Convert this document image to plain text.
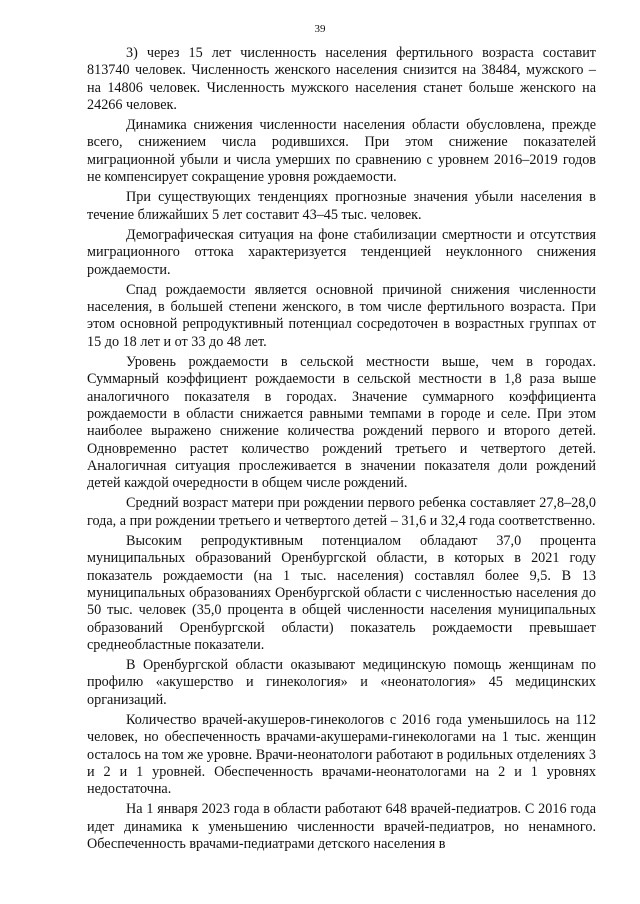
39

3) через 15 лет численность населения фертильного возраста составит 813740 человек. Численность женского населения снизится на 38484, мужского – на 14806 человек. Численность мужского населения станет больше женского на 24266 человек.

Динамика снижения численности населения области обусловлена, прежде всего, снижением числа родившихся. При этом снижение показателей миграционной убыли и числа умерших по сравнению с уровнем 2016–2019 годов не компенсирует сокращение уровня рождаемости.

При существующих тенденциях прогнозные значения убыли населения в течение ближайших 5 лет составит 43–45 тыс. человек.

Демографическая ситуация на фоне стабилизации смертности и отсутствия миграционного оттока характеризуется тенденцией неуклонного снижения рождаемости.

Спад рождаемости является основной причиной снижения численности населения, в большей степени женского, в том числе фертильного возраста. При этом основной репродуктивный потенциал сосредоточен в возрастных группах от 15 до 18 лет и от 33 до 48 лет.

Уровень рождаемости в сельской местности выше, чем в городах. Суммарный коэффициент рождаемости в сельской местности в 1,8 раза выше аналогичного показателя в городах. Значение суммарного коэффициента рождаемости в области снижается равными темпами в городе и селе. При этом наиболее выражено снижение количества рождений первого и второго детей. Одновременно растет количество рождений третьего и четвертого детей. Аналогичная ситуация прослеживается в значении показателя доли рождений детей каждой очередности в общем числе рождений.

Средний возраст матери при рождении первого ребенка составляет 27,8–28,0 года, а при рождении третьего и четвертого детей – 31,6 и 32,4 года соответственно.

Высоким репродуктивным потенциалом обладают 37,0 процента муниципальных образований Оренбургской области, в которых в 2021 году показатель рождаемости (на 1 тыс. населения) составлял более 9,5. В 13 муниципальных образованиях Оренбургской области с численностью населения до 50 тыс. человек (35,0 процента в общей численности населения муниципальных образований Оренбургской области) показатель рождаемости превышает среднеобластные показатели.

В Оренбургской области оказывают медицинскую помощь женщинам по профилю «акушерство и гинекология» и «неонатология» 45 медицинских организаций.

Количество врачей-акушеров-гинекологов с 2016 года уменьшилось на 112 человек, но обеспеченность врачами-акушерами-гинекологами на 1 тыс. женщин осталось на том же уровне. Врачи-неонатологи работают в родильных отделениях 3 и 2 и 1 уровней. Обеспеченность врачами-неонатологами на 2 и 1 уровнях недостаточна.

На 1 января 2023 года в области работают 648 врачей-педиатров. С 2016 года идет динамика к уменьшению численности врачей-педиатров, но ненамного. Обеспеченность врачами-педиатрами детского населения в
